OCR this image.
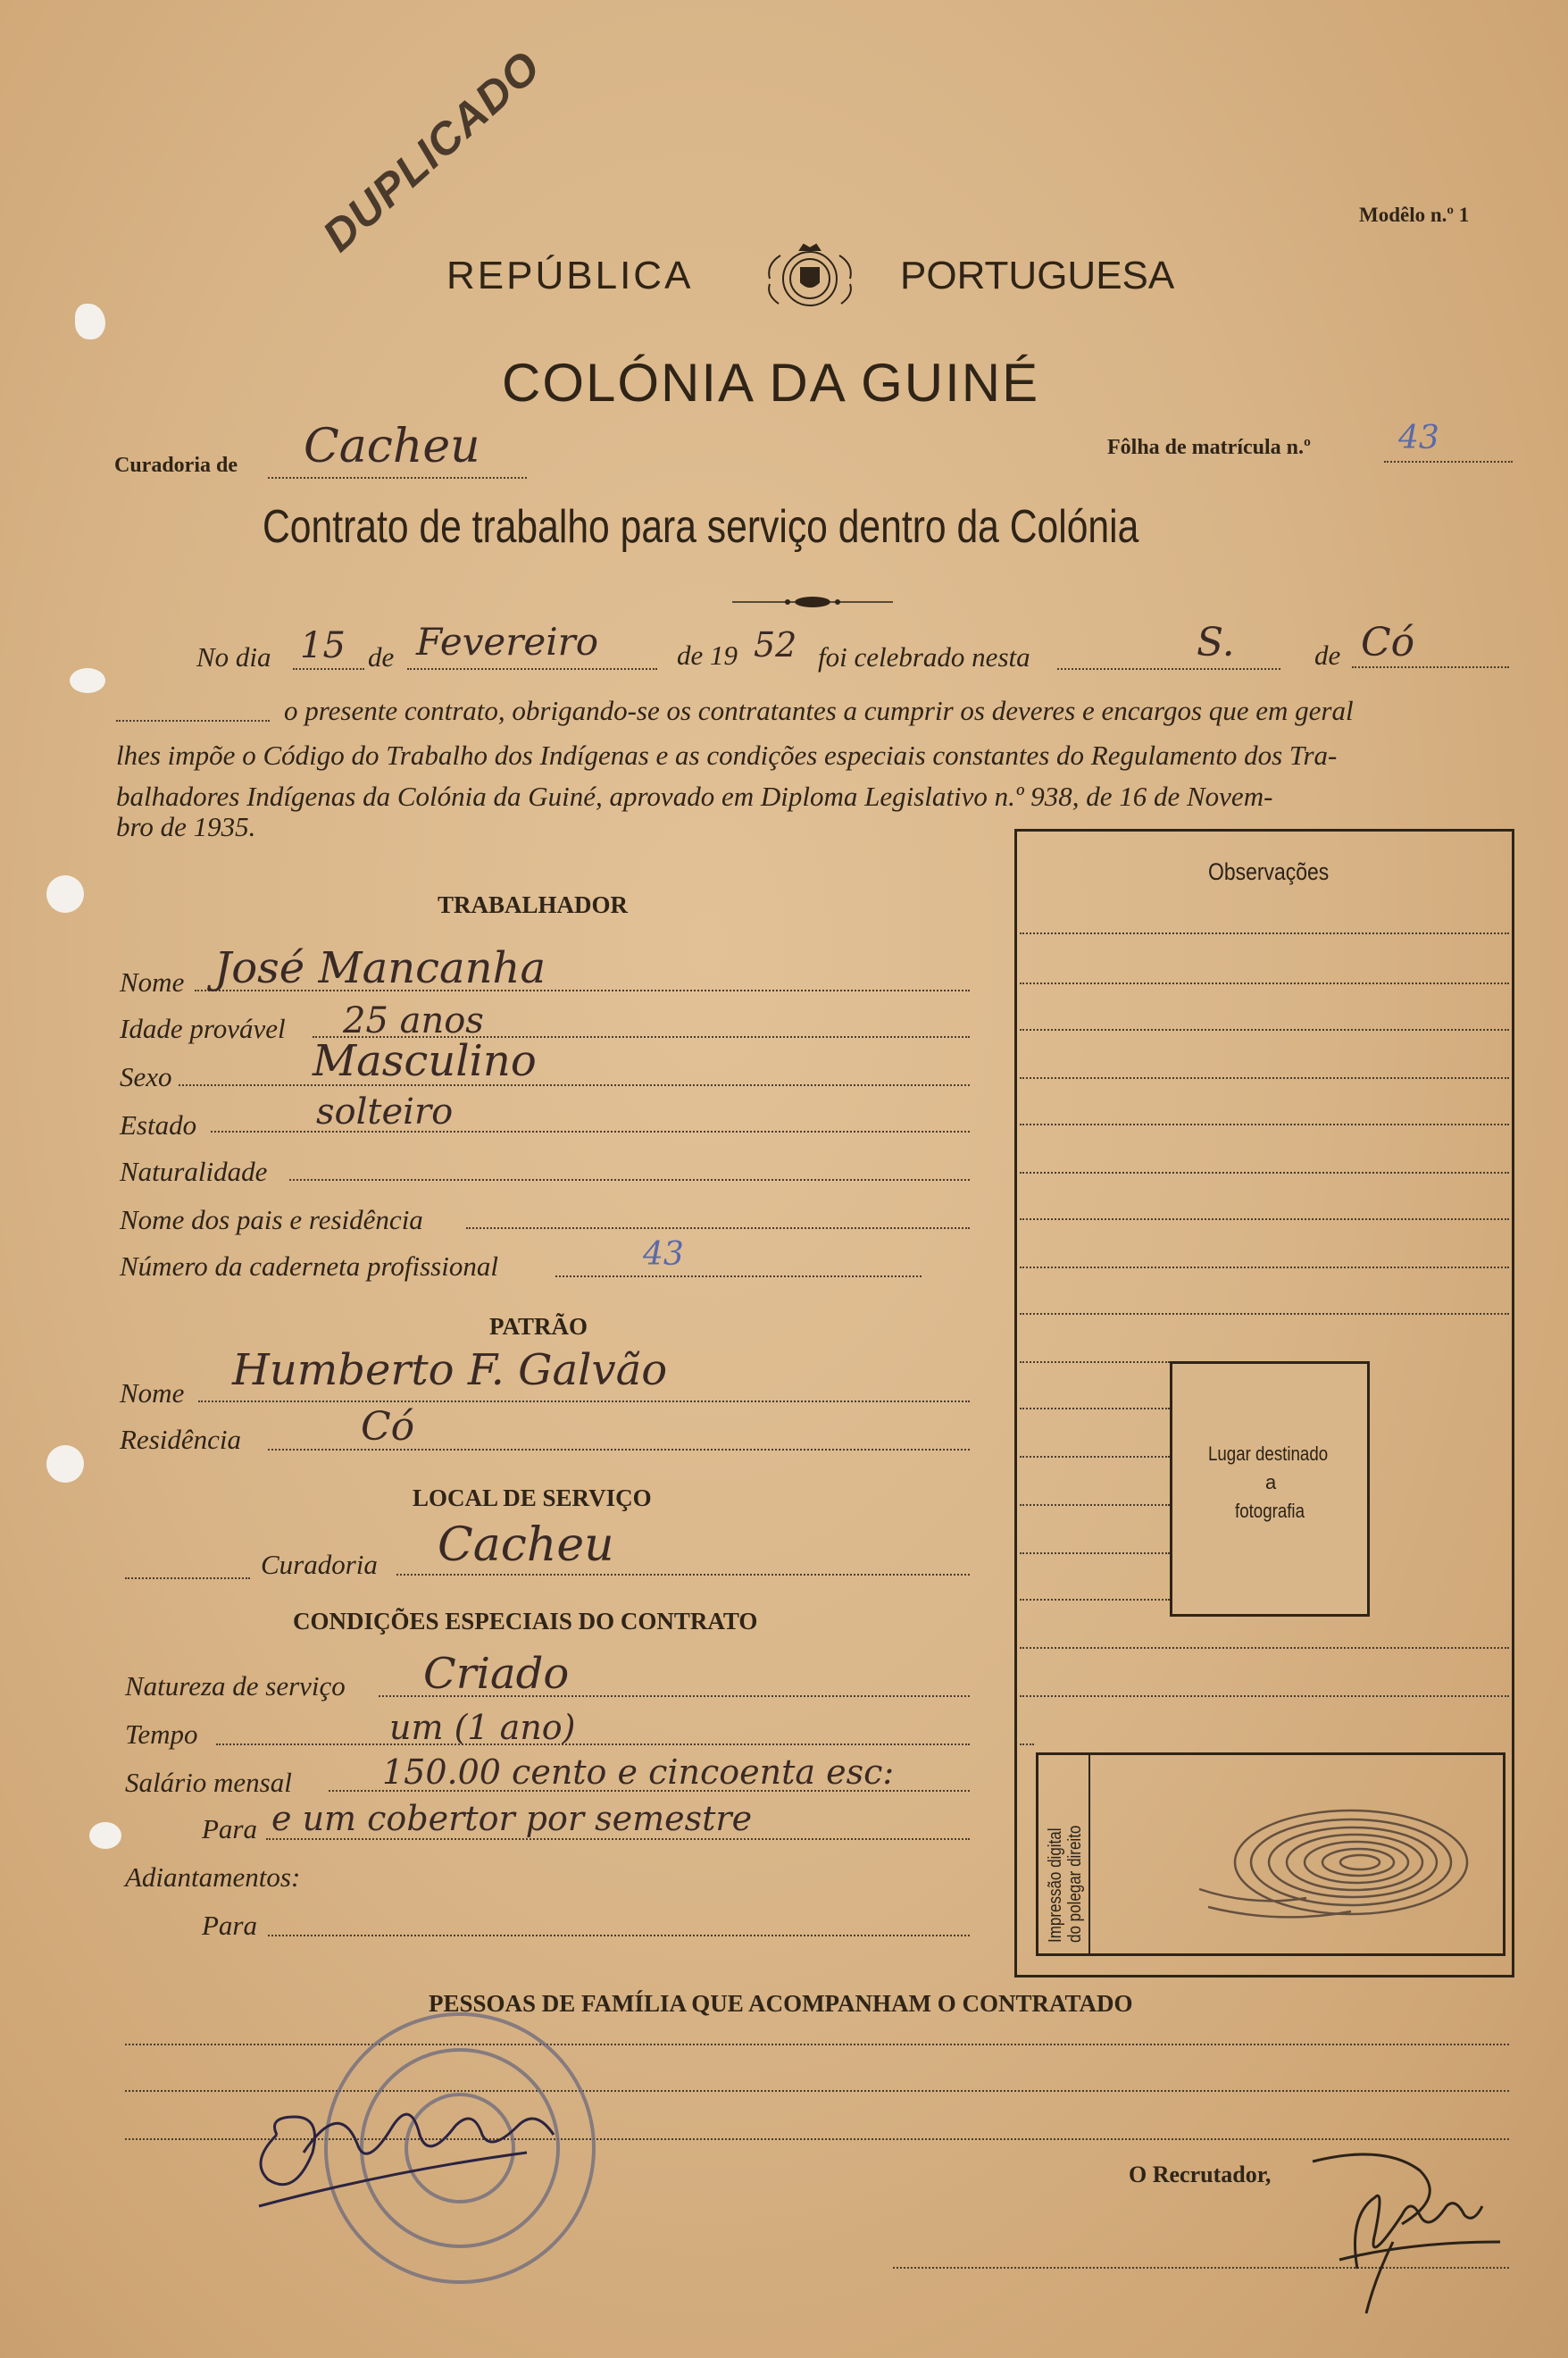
Modêlo n.º 1
DUPLICADO
REPÚBLICA	PORTUGUESA
COLÓNIA DA GUINÉ
Curadoria de Cacheu	Fôlha de matrícula n.º	43
Contrato de trabalho para serviço dentro da Colónia
No dia 15 de Fevereiro	de 19 52 foi celebrado nesta	S.	de Có
o presente contrato, obrigando-se os contratantes a cumprir os deveres e encargos que em geral
lhes impõe o Código do Trabalho dos Indígenas e as condições especiais constantes do Regulamento dos Tra-
balhadores Indígenas da Colónia da Guiné, aprovado em Diploma Legislativo n.º 938, de 16 de Novem-
bro de 1935.
Observações
Lugar destinado
a
fotografia
Impressão digital do polegar direito
TRABALHADOR
Nome José Mancanha
Idade provável 25 anos
Sexo	Masculino
Estado	solteiro
Naturalidade
Nome dos pais e residência
Número da caderneta profissional	43
PATRÃO
Nome Humberto F. Galvão
Residência	Có
LOCAL DE SERVIÇO
Curadoria Cacheu
CONDIÇÕES ESPECIAIS DO CONTRATO
Natureza de serviço Criado
Tempo	um (1 ano)
Salário mensal	150.00 cento e cincoenta esc:
Para e um cobertor por semestre
Adiantamentos:
Para
PESSOAS DE FAMÍLIA QUE ACOMPANHAM O CONTRATADO
O Recrutador,
